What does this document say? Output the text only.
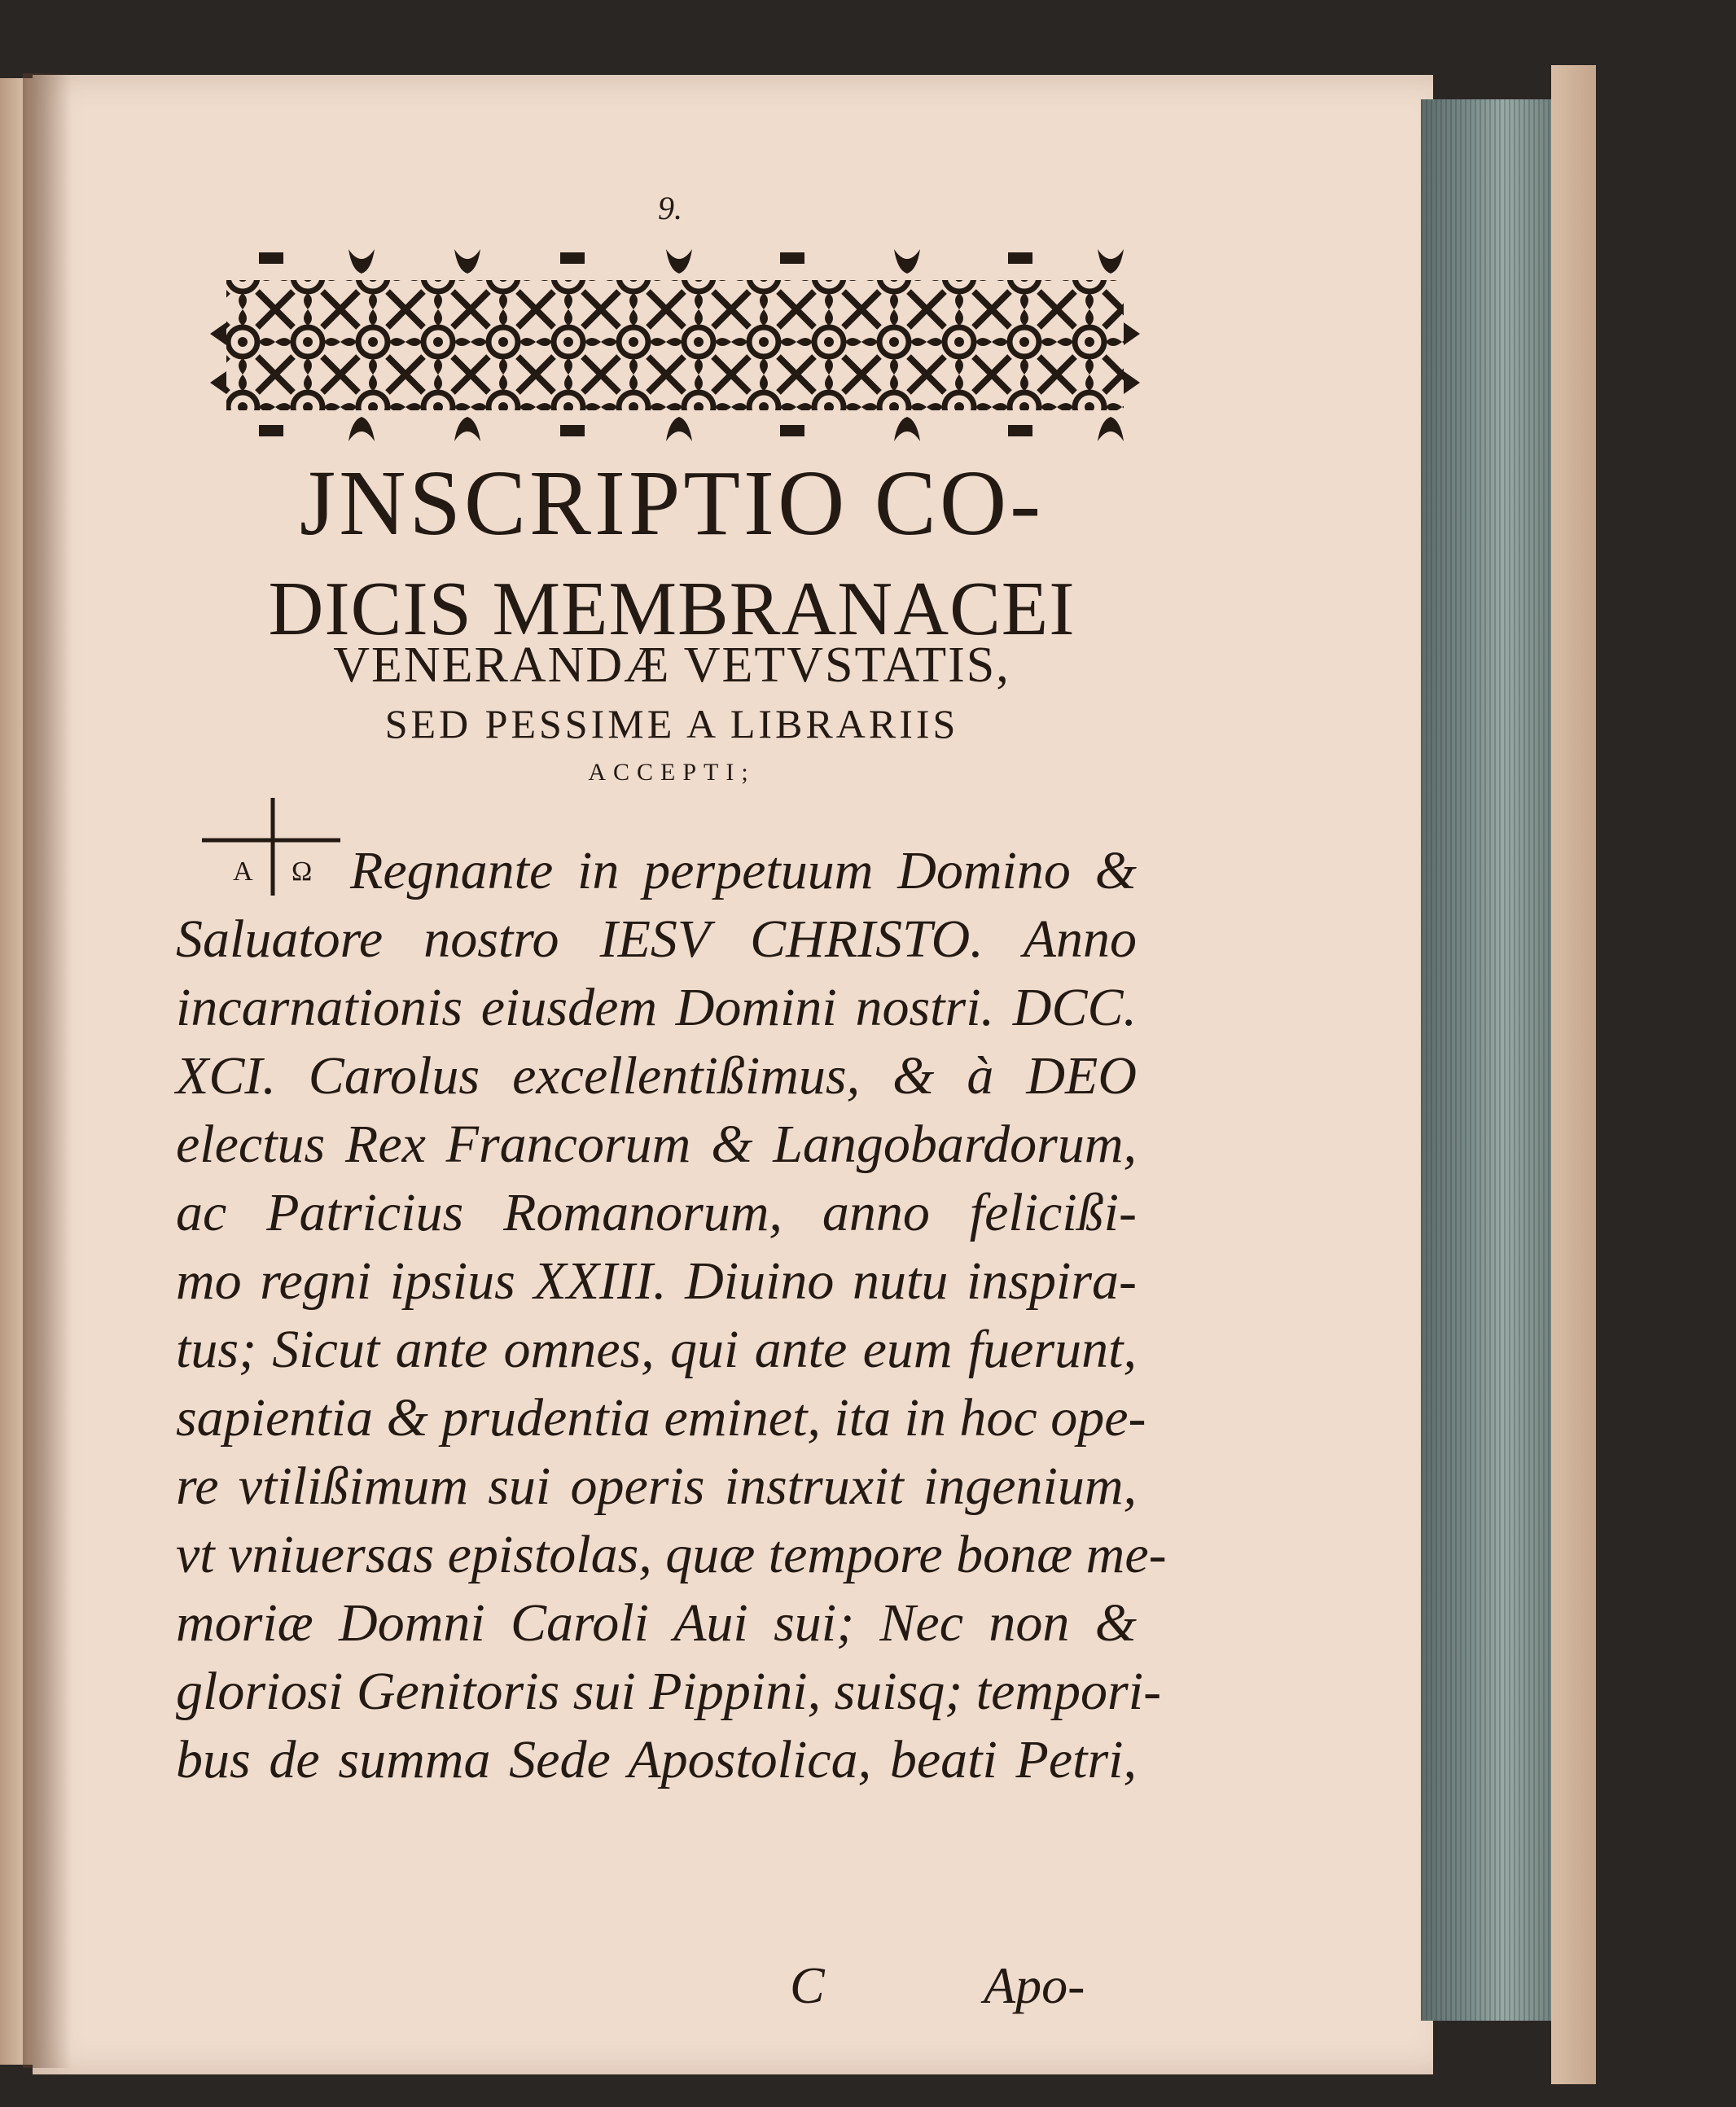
9.
JNSCRIPTIO CO-
DICIS MEMBRANACEI
VENERANDÆ VETVSTATIS,
SED PESSIME A LIBRARIIS
ACCEPTI;
A Ω Regnante in perpetuum Domino &
Saluatore nostro IESV CHRISTO. Anno
incarnationis eiusdem Domini nostri. DCC.
XCI. Carolus excellentißimus, & à DEO
electus Rex Francorum & Langobardorum,
ac Patricius Romanorum, anno felicißi-
mo regni ipsius XXIII. Diuino nutu inspira-
tus; Sicut ante omnes, qui ante eum fuerunt,
sapientia & prudentia eminet, ita in hoc ope-
re vtilißimum sui operis instruxit ingenium,
vt vniuersas epistolas, quæ tempore bonæ me-
moriæ Domni Caroli Aui sui; Nec non &
gloriosi Genitoris sui Pippini, suisq; tempori-
bus de summa Sede Apostolica, beati Petri,
C	Apo-
